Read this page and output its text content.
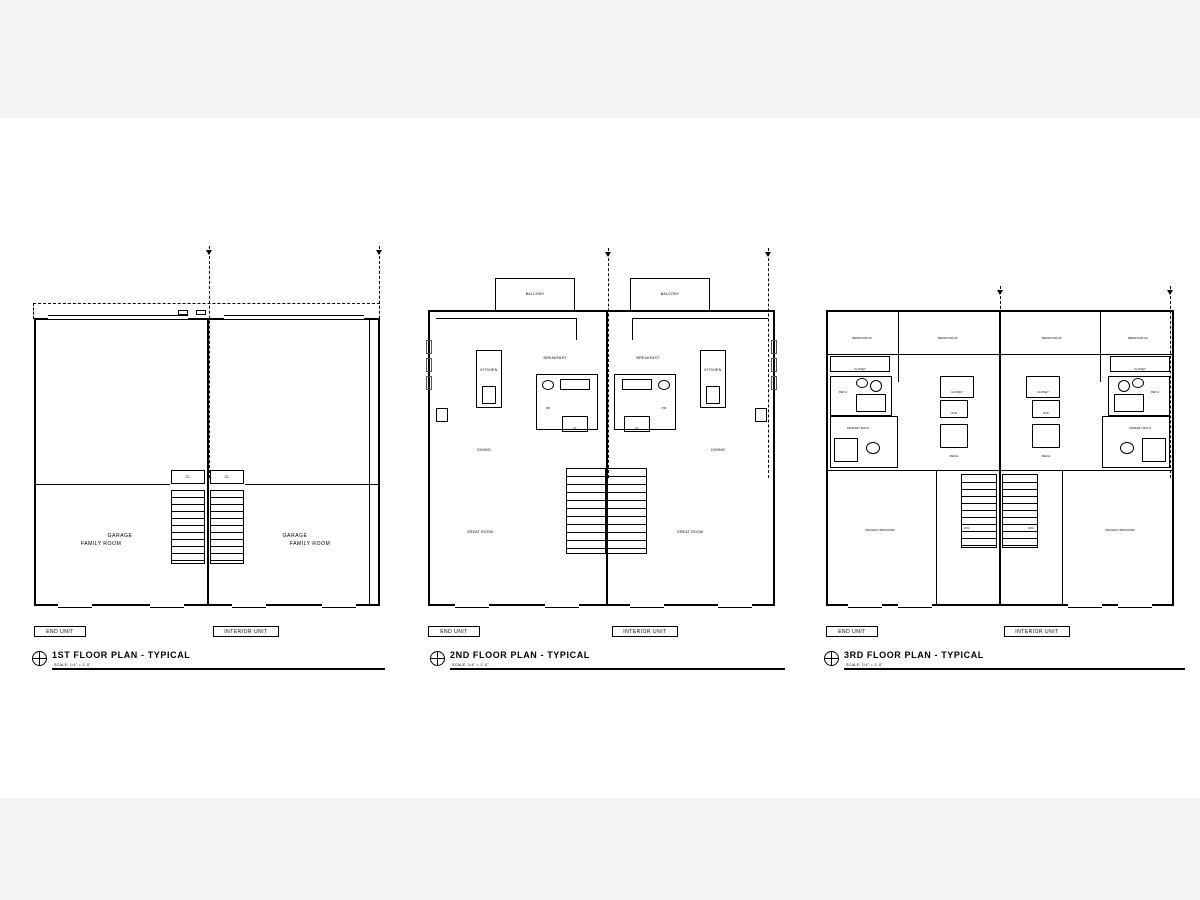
GARAGE	GARAGE
FAMILY ROOM	FAMILY ROOM
CL	CL
END UNIT	INTERIOR UNIT
1ST FLOOR PLAN - TYPICAL
SCALE: 1/4" = 1'-0"
BALCONY	BALCONY
KITCHEN	KITCHEN
BREAKFAST	BREAKFAST
PR	PR
CL	CL
DINING	DINING
GREAT ROOM	GREAT ROOM
END UNIT	INTERIOR UNIT
2ND FLOOR PLAN - TYPICAL
SCALE: 1/4" = 1'-0"
BEDROOM #2	BEDROOM #3	BEDROOM #3	BEDROOM #2
CLOSET	CLOSET
CLOSET	CLOSET
BATH	BATH
PRIMARY BATH	PRIMARY BATH
W/D	W/D
MECH	MECH
WIC	WIC
PRIMARY BEDROOM	PRIMARY BEDROOM
END UNIT	INTERIOR UNIT
3RD FLOOR PLAN - TYPICAL
SCALE: 1/4" = 1'-0"
